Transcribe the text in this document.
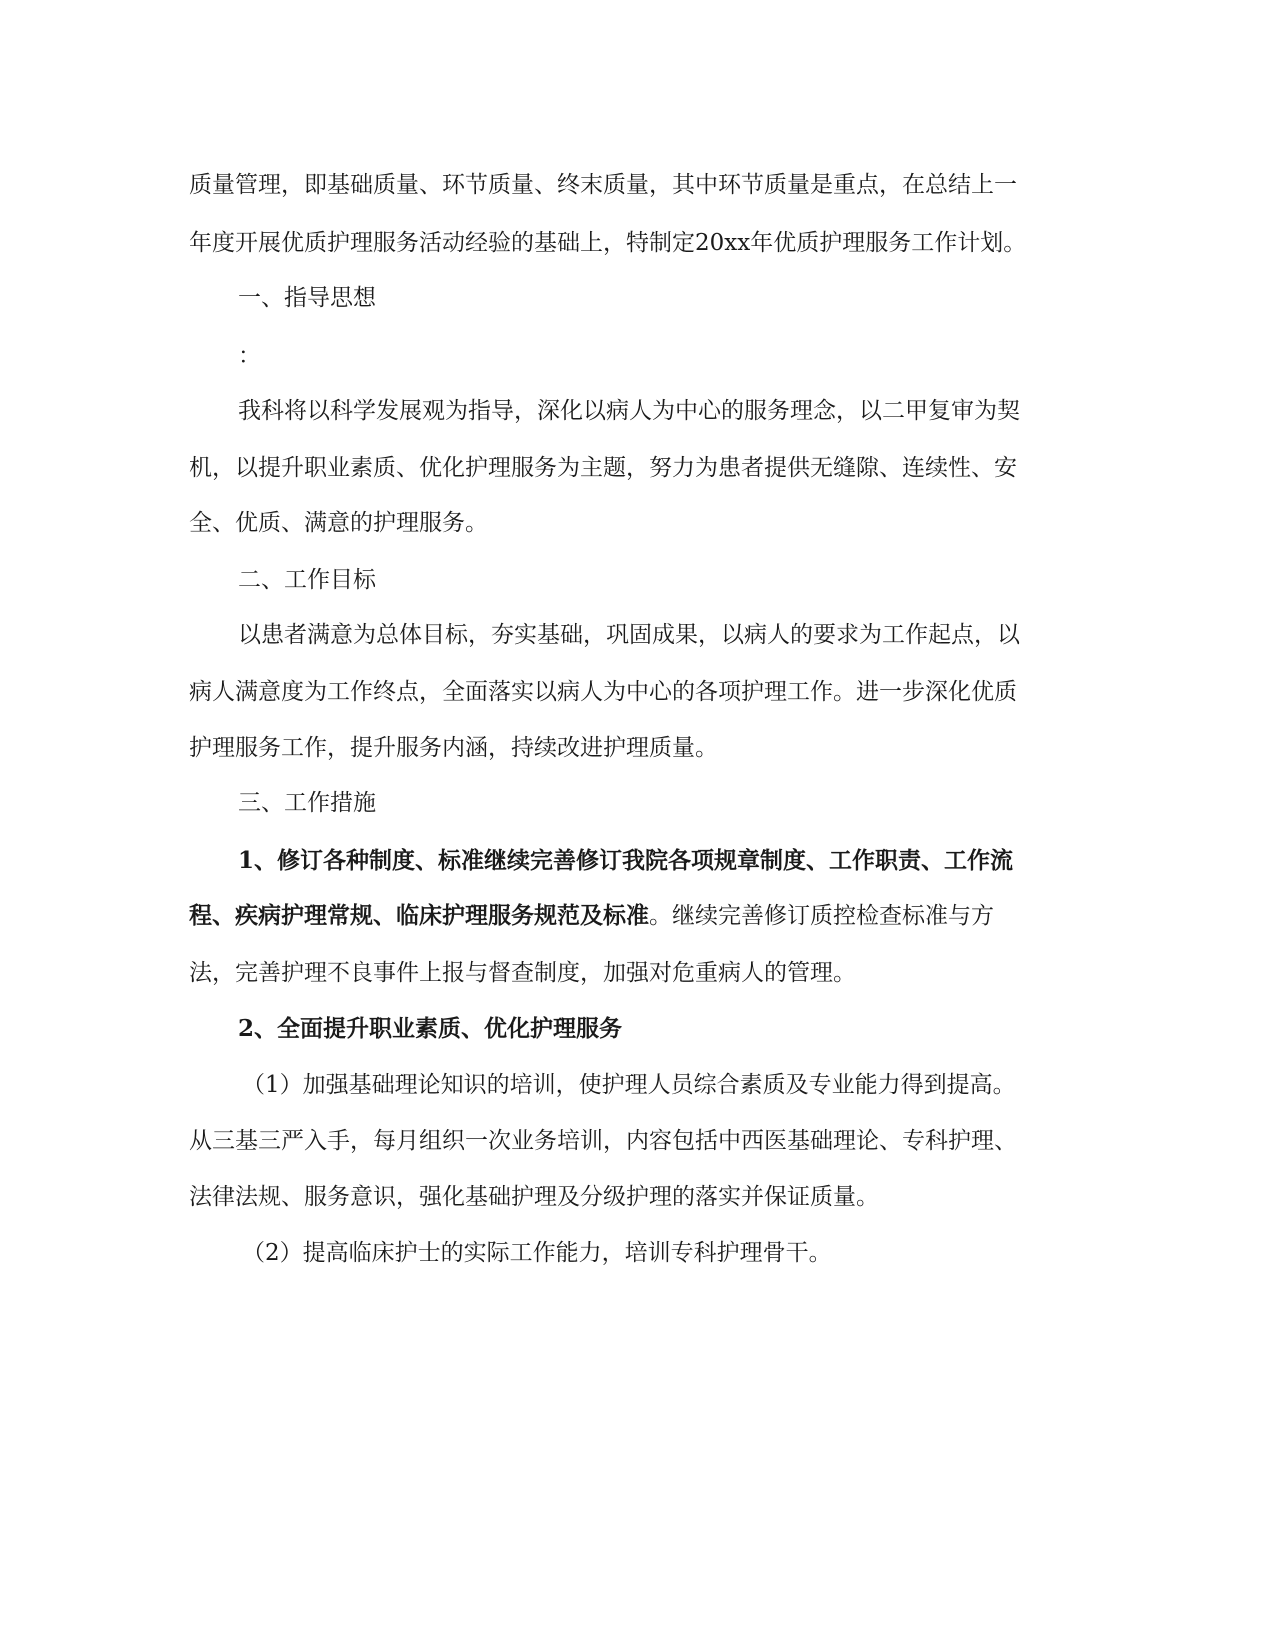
质量管理，即基础质量、环节质量、终末质量，其中环节质量是重点，在总结上一
年度开展优质护理服务活动经验的基础上，特制定20xx年优质护理服务工作计划。
一、指导思想
：
我科将以科学发展观为指导，深化以病人为中心的服务理念，以二甲复审为契
机，以提升职业素质、优化护理服务为主题，努力为患者提供无缝隙、连续性、安
全、优质、满意的护理服务。
二、工作目标
以患者满意为总体目标，夯实基础，巩固成果，以病人的要求为工作起点，以
病人满意度为工作终点，全面落实以病人为中心的各项护理工作。进一步深化优质
护理服务工作，提升服务内涵，持续改进护理质量。
三、工作措施
1、修订各种制度、标准继续完善修订我院各项规章制度、工作职责、工作流
程、疾病护理常规、临床护理服务规范及标准。继续完善修订质控检查标准与方
法，完善护理不良事件上报与督查制度，加强对危重病人的管理。
2、全面提升职业素质、优化护理服务
（1）加强基础理论知识的培训，使护理人员综合素质及专业能力得到提高。
从三基三严入手，每月组织一次业务培训，内容包括中西医基础理论、专科护理、
法律法规、服务意识，强化基础护理及分级护理的落实并保证质量。
（2）提高临床护士的实际工作能力，培训专科护理骨干。
